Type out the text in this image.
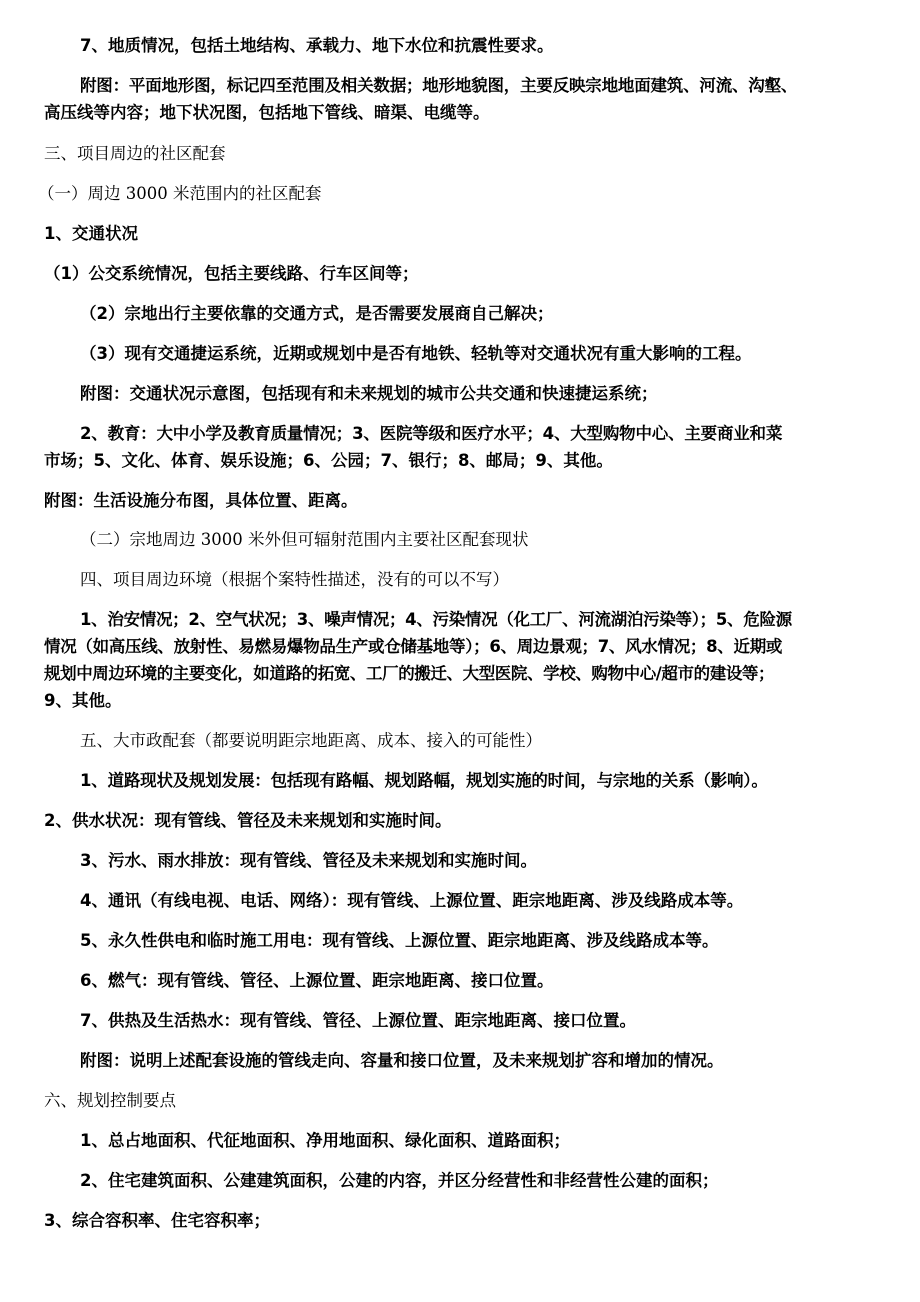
7、地质情况，包括土地结构、承载力、地下水位和抗震性要求。

附图：平面地形图，标记四至范围及相关数据；地形地貌图，主要反映宗地地面建筑、河流、沟壑、

高压线等内容；地下状况图，包括地下管线、暗渠、电缆等。

三、项目周边的社区配套

（一）周边 3000 米范围内的社区配套

1、交通状况

（1）公交系统情况，包括主要线路、行车区间等；

（2）宗地出行主要依靠的交通方式，是否需要发展商自己解决；

（3）现有交通捷运系统，近期或规划中是否有地铁、轻轨等对交通状况有重大影响的工程。

附图：交通状况示意图，包括现有和未来规划的城市公共交通和快速捷运系统；

2、教育：大中小学及教育质量情况；3、医院等级和医疗水平；4、大型购物中心、主要商业和菜

市场；5、文化、体育、娱乐设施；6、公园；7、银行；8、邮局；9、其他。

附图：生活设施分布图，具体位置、距离。

（二）宗地周边 3000 米外但可辐射范围内主要社区配套现状

四、项目周边环境（根据个案特性描述，没有的可以不写）

1、治安情况；2、空气状况；3、噪声情况；4、污染情况（化工厂、河流湖泊污染等）；5、危险源

情况（如高压线、放射性、易燃易爆物品生产或仓储基地等）；6、周边景观；7、风水情况；8、近期或

规划中周边环境的主要变化，如道路的拓宽、工厂的搬迁、大型医院、学校、购物中心/超市的建设等；

9、其他。

五、大市政配套（都要说明距宗地距离、成本、接入的可能性）

1、道路现状及规划发展：包括现有路幅、规划路幅，规划实施的时间，与宗地的关系（影响）。

2、供水状况：现有管线、管径及未来规划和实施时间。

3、污水、雨水排放：现有管线、管径及未来规划和实施时间。

4、通讯（有线电视、电话、网络）：现有管线、上源位置、距宗地距离、涉及线路成本等。

5、永久性供电和临时施工用电：现有管线、上源位置、距宗地距离、涉及线路成本等。

6、燃气：现有管线、管径、上源位置、距宗地距离、接口位置。

7、供热及生活热水：现有管线、管径、上源位置、距宗地距离、接口位置。

附图：说明上述配套设施的管线走向、容量和接口位置，及未来规划扩容和增加的情况。

六、规划控制要点

1、总占地面积、代征地面积、净用地面积、绿化面积、道路面积；

2、住宅建筑面积、公建建筑面积，公建的内容，并区分经营性和非经营性公建的面积；

3、综合容积率、住宅容积率；
